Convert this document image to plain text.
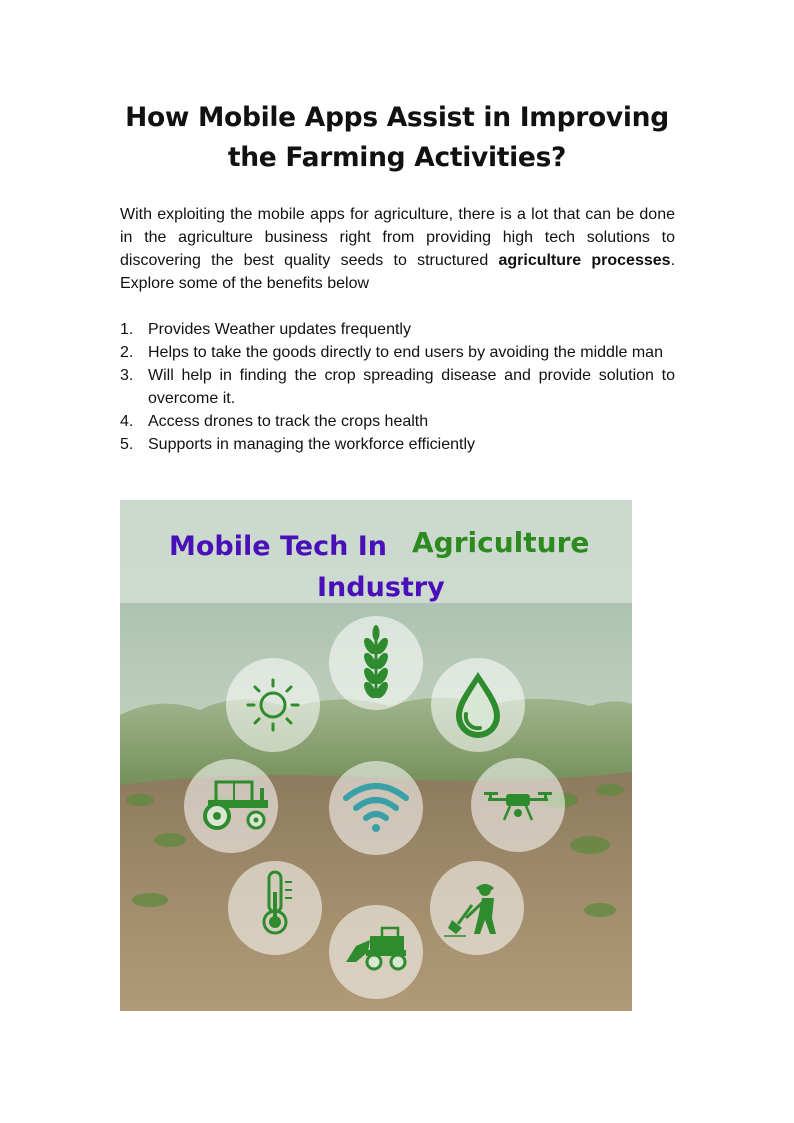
How Mobile Apps Assist in Improving
the Farming Activities?

With exploiting the mobile apps for agriculture, there is a lot that can be done in the agriculture business right from providing high tech solutions to discovering the best quality seeds to structured agriculture processes. Explore some of the benefits below

1. Provides Weather updates frequently
2. Helps to take the goods directly to end users by avoiding the middle man
3. Will help in finding the crop spreading disease and provide solution to overcome it.
4. Access drones to track the crops health
5. Supports in managing the workforce efficiently
Mobile Tech In Agriculture
Industry
